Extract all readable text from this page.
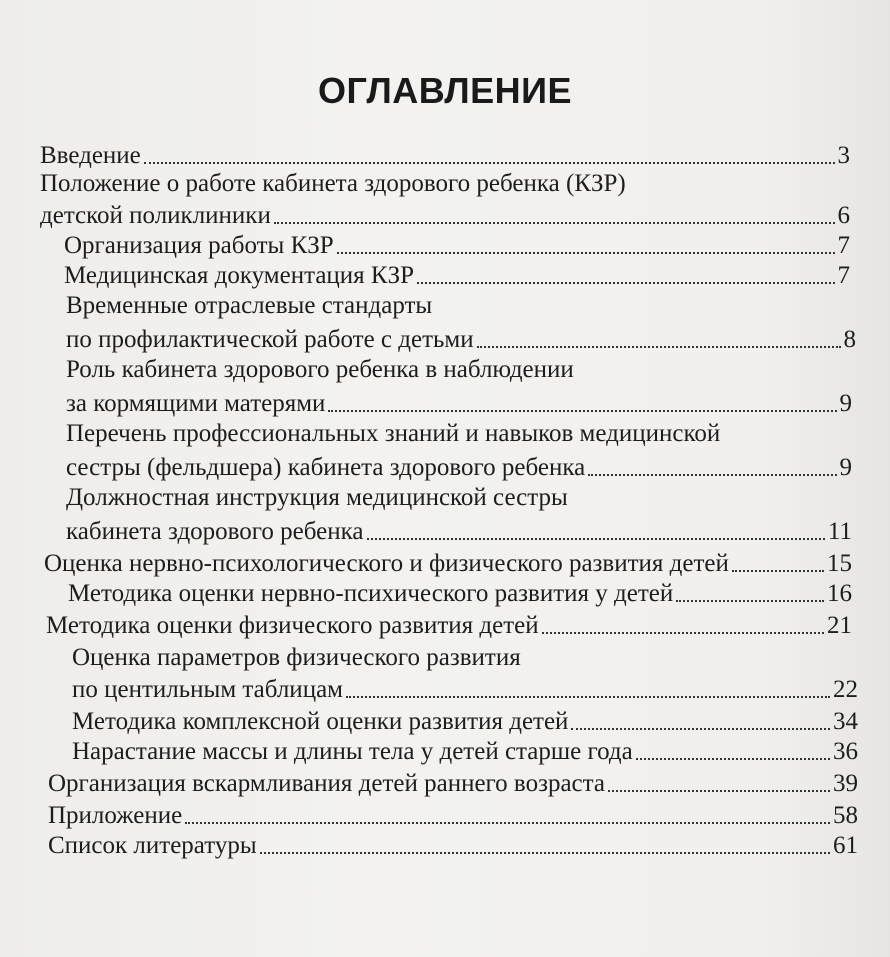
ОГЛАВЛЕНИЕ
Введение	3
Положение о работе кабинета здорового ребенка (КЗР)
детской поликлиники	6
Организация работы КЗР	7
Медицинская документация КЗР	7
Временные отраслевые стандарты
по профилактической работе с детьми	8
Роль кабинета здорового ребенка в наблюдении
за кормящими матерями	9
Перечень профессиональных знаний и навыков медицинской
сестры (фельдшера) кабинета здорового ребенка	9
Должностная инструкция медицинской сестры
кабинета здорового ребенка	11
Оценка нервно-психологического и физического развития детей	15
Методика оценки нервно-психического развития у детей	16
Методика оценки физического развития детей	21
Оценка параметров физического развития
по центильным таблицам	22
Методика комплексной оценки развития детей	34
Нарастание массы и длины тела у детей старше года	36
Организация вскармливания детей раннего возраста	39
Приложение	58
Список литературы	61
